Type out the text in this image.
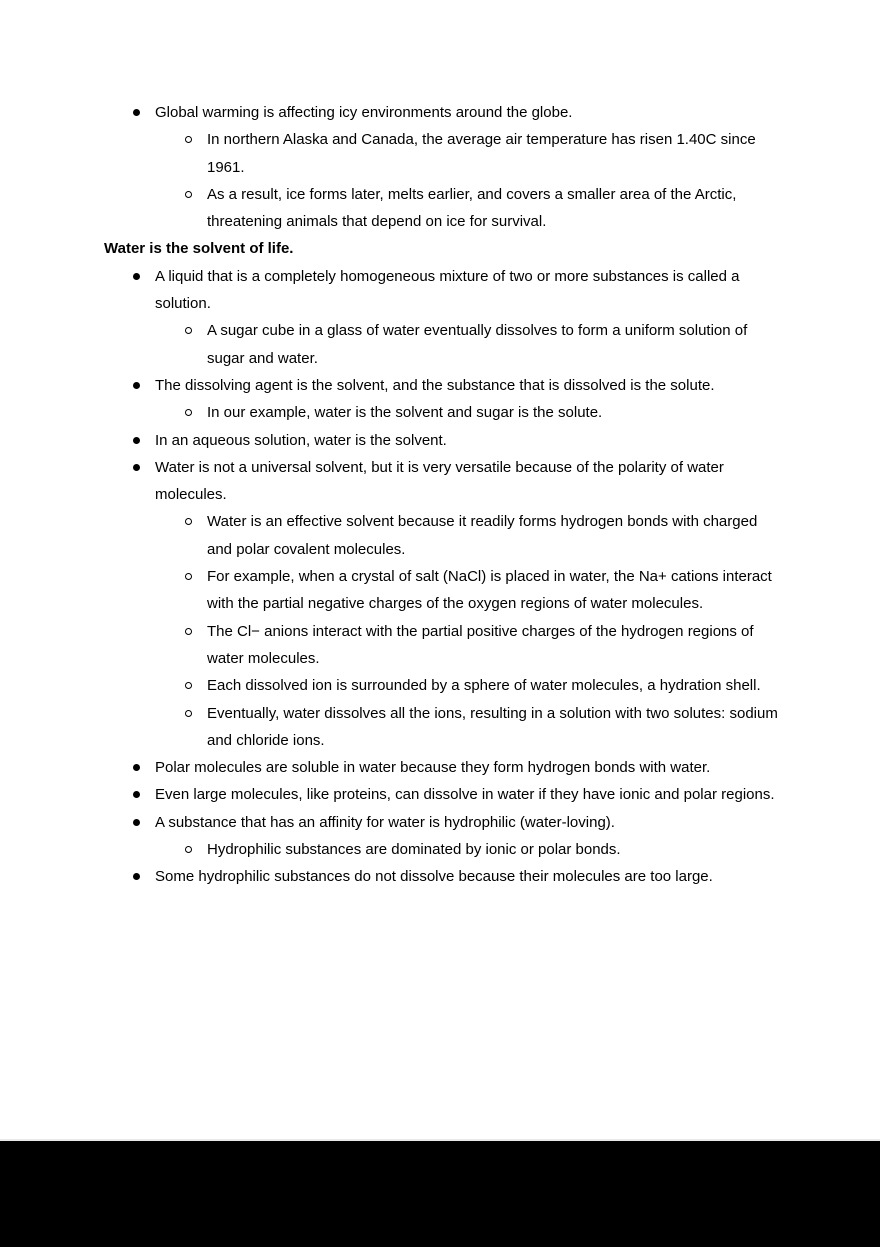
Global warming is affecting icy environments around the globe.
In northern Alaska and Canada, the average air temperature has risen 1.40C since 1961.
As a result, ice forms later, melts earlier, and covers a smaller area of the Arctic, threatening animals that depend on ice for survival.
Water is the solvent of life.
A liquid that is a completely homogeneous mixture of two or more substances is called a solution.
A sugar cube in a glass of water eventually dissolves to form a uniform solution of sugar and water.
The dissolving agent is the solvent, and the substance that is dissolved is the solute.
In our example, water is the solvent and sugar is the solute.
In an aqueous solution, water is the solvent.
Water is not a universal solvent, but it is very versatile because of the polarity of water molecules.
Water is an effective solvent because it readily forms hydrogen bonds with charged and polar covalent molecules.
For example, when a crystal of salt (NaCl) is placed in water, the Na+ cations interact with the partial negative charges of the oxygen regions of water molecules.
The Cl− anions interact with the partial positive charges of the hydrogen regions of water molecules.
Each dissolved ion is surrounded by a sphere of water molecules, a hydration shell.
Eventually, water dissolves all the ions, resulting in a solution with two solutes: sodium and chloride ions.
Polar molecules are soluble in water because they form hydrogen bonds with water.
Even large molecules, like proteins, can dissolve in water if they have ionic and polar regions.
A substance that has an affinity for water is hydrophilic (water-loving).
Hydrophilic substances are dominated by ionic or polar bonds.
Some hydrophilic substances do not dissolve because their molecules are too large.
